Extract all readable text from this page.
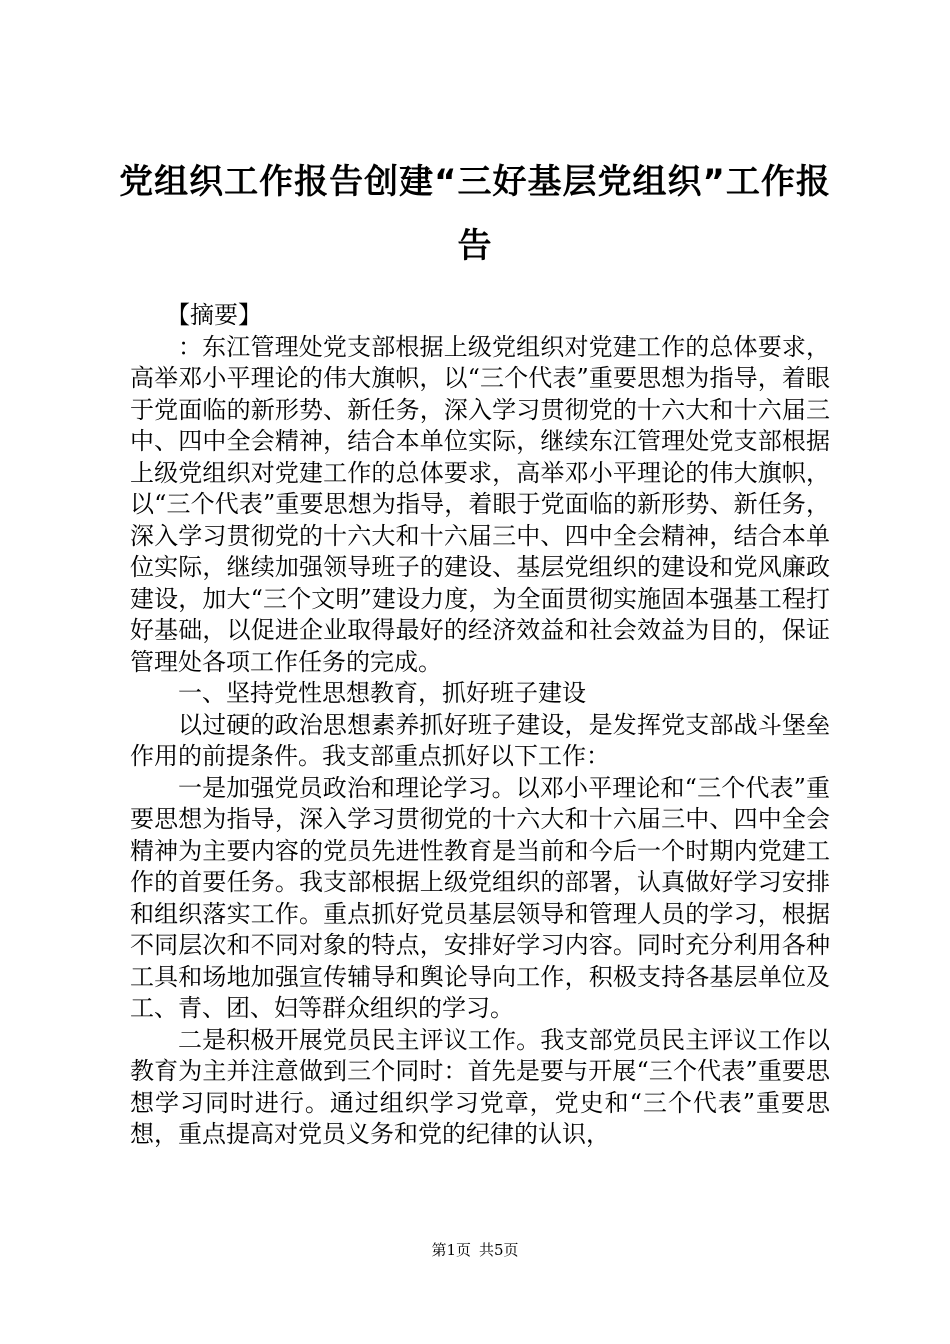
党组织工作报告创建“三好基层党组织”工作报告

【摘要】

：东江管理处党支部根据上级党组织对党建工作的总体要求，高举邓小平理论的伟大旗帜，以“三个代表”重要思想为指导，着眼于党面临的新形势、新任务，深入学习贯彻党的十六大和十六届三中、四中全会精神，结合本单位实际，继续东江管理处党支部根据上级党组织对党建工作的总体要求，高举邓小平理论的伟大旗帜，以“三个代表”重要思想为指导，着眼于党面临的新形势、新任务，深入学习贯彻党的十六大和十六届三中、四中全会精神，结合本单位实际，继续加强领导班子的建设、基层党组织的建设和党风廉政建设，加大“三个文明”建设力度，为全面贯彻实施固本强基工程打好基础，以促进企业取得最好的经济效益和社会效益为目的，保证管理处各项工作任务的完成。

一、坚持党性思想教育，抓好班子建设

以过硬的政治思想素养抓好班子建设，是发挥党支部战斗堡垒作用的前提条件。我支部重点抓好以下工作：

一是加强党员政治和理论学习。以邓小平理论和“三个代表”重要思想为指导，深入学习贯彻党的十六大和十六届三中、四中全会精神为主要内容的党员先进性教育是当前和今后一个时期内党建工作的首要任务。我支部根据上级党组织的部署，认真做好学习安排和组织落实工作。重点抓好党员基层领导和管理人员的学习，根据不同层次和不同对象的特点，安排好学习内容。同时充分利用各种工具和场地加强宣传辅导和舆论导向工作，积极支持各基层单位及工、青、团、妇等群众组织的学习。

二是积极开展党员民主评议工作。我支部党员民主评议工作以教育为主并注意做到三个同时：首先是要与开展“三个代表”重要思想学习同时进行。通过组织学习党章，党史和“三个代表”重要思想，重点提高对党员义务和党的纪律的认识，

第1页 共5页
